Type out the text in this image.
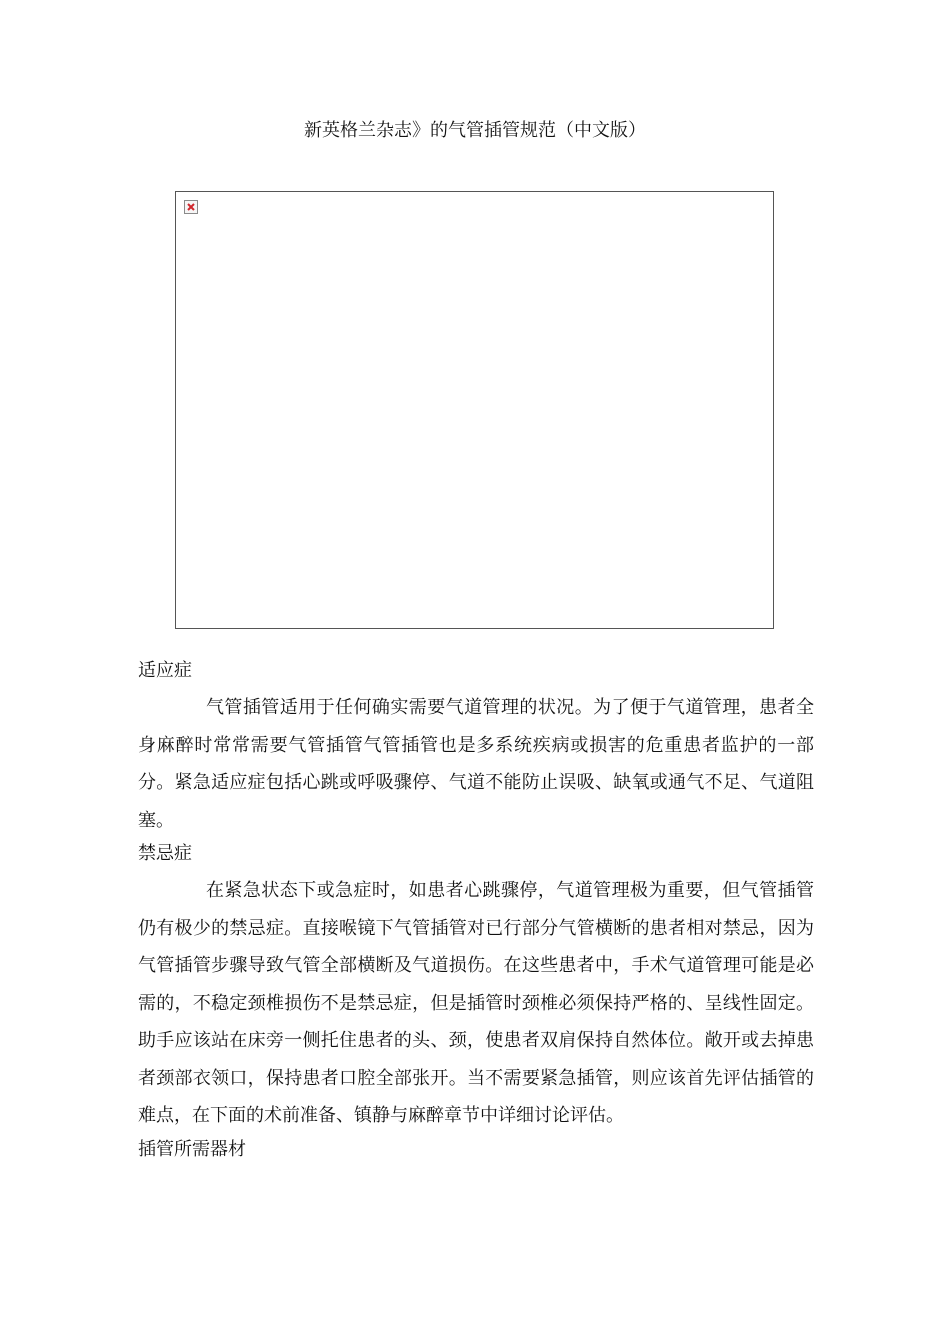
新英格兰杂志》的气管插管规范（中文版）
适应症

气管插管适用于任何确实需要气道管理的状况。为了便于气道管理，患者全身麻醉时常常需要气管插管气管插管也是多系统疾病或损害的危重患者监护的一部分。紧急适应症包括心跳或呼吸骤停、气道不能防止误吸、缺氧或通气不足、气道阻塞。

禁忌症

在紧急状态下或急症时，如患者心跳骤停，气道管理极为重要，但气管插管仍有极少的禁忌症。直接喉镜下气管插管对已行部分气管横断的患者相对禁忌，因为气管插管步骤导致气管全部横断及气道损伤。在这些患者中，手术气道管理可能是必需的，不稳定颈椎损伤不是禁忌症，但是插管时颈椎必须保持严格的、呈线性固定。助手应该站在床旁一侧托住患者的头、颈，使患者双肩保持自然体位。敞开或去掉患者颈部衣领口，保持患者口腔全部张开。当不需要紧急插管，则应该首先评估插管的难点，在下面的术前准备、镇静与麻醉章节中详细讨论评估。

插管所需器材
